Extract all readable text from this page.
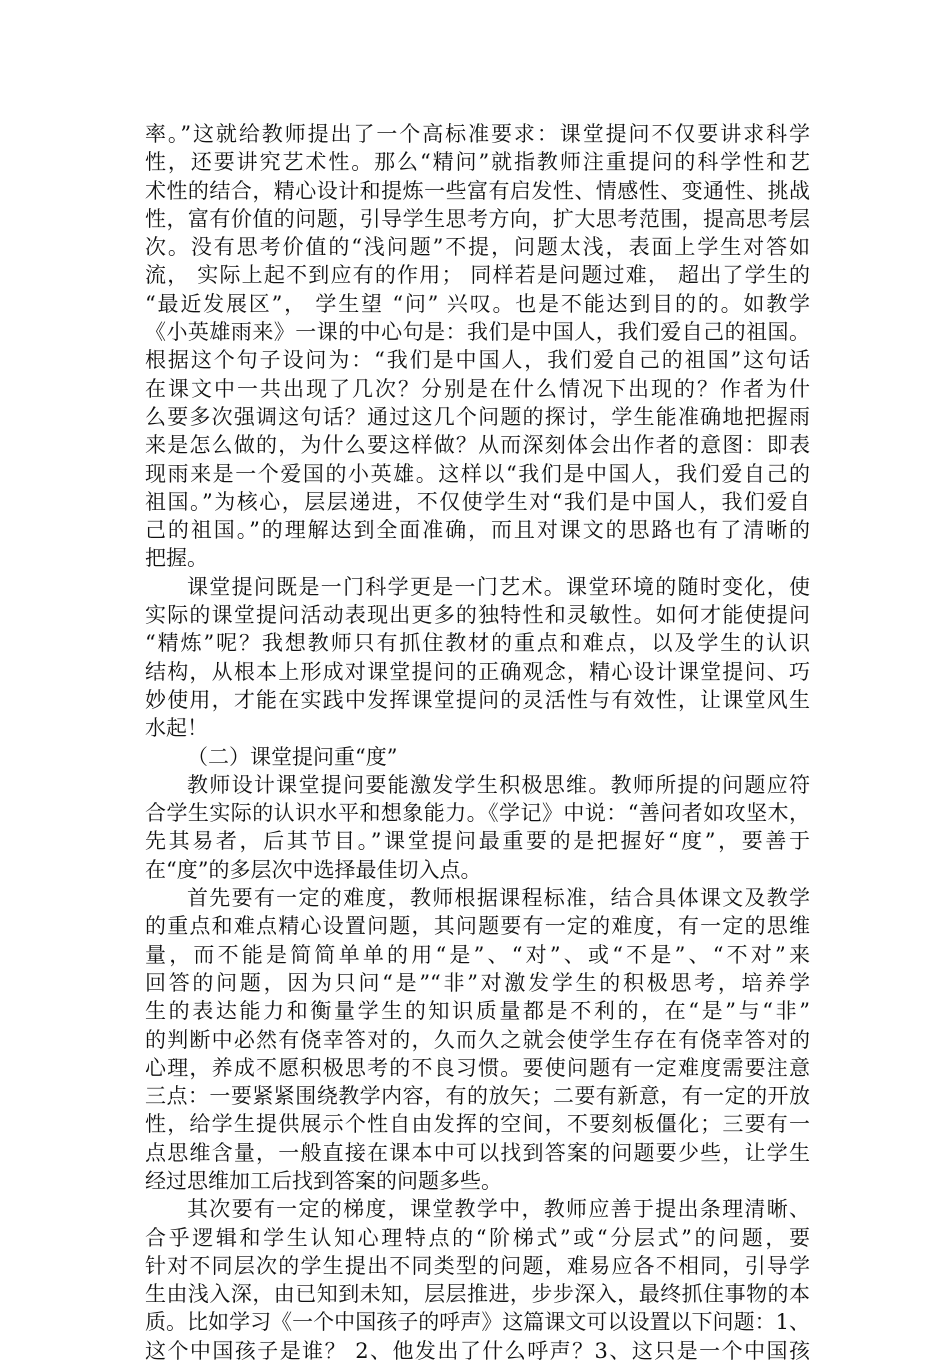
率。”这就给教师提出了一个高标准要求：课堂提问不仅要讲求科学
性，还要讲究艺术性。那么“精问”就指教师注重提问的科学性和艺
术性的结合，精心设计和提炼一些富有启发性、情感性、变通性、挑战
性，富有价值的问题，引导学生思考方向，扩大思考范围，提高思考层
次。没有思考价值的“浅问题”不提，问题太浅，表面上学生对答如
流， 实际上起不到应有的作用； 同样若是问题过难， 超出了学生的
“最近发展区”， 学生望 “问” 兴叹。也是不能达到目的的。如教学
《小英雄雨来》一课的中心句是：我们是中国人，我们爱自己的祖国。
根据这个句子设问为：“我们是中国人，我们爱自己的祖国”这句话
在课文中一共出现了几次？分别是在什么情况下出现的？作者为什
么要多次强调这句话？通过这几个问题的探讨，学生能准确地把握雨
来是怎么做的，为什么要这样做？从而深刻体会出作者的意图：即表
现雨来是一个爱国的小英雄。这样以“我们是中国人，我们爱自己的
祖国。”为核心，层层递进，不仅使学生对“我们是中国人，我们爱自
己的祖国。”的理解达到全面准确，而且对课文的思路也有了清晰的
把握。
课堂提问既是一门科学更是一门艺术。课堂环境的随时变化，使
实际的课堂提问活动表现出更多的独特性和灵敏性。如何才能使提问
“精炼”呢？我想教师只有抓住教材的重点和难点，以及学生的认识
结构，从根本上形成对课堂提问的正确观念，精心设计课堂提问、巧
妙使用，才能在实践中发挥课堂提问的灵活性与有效性，让课堂风生
水起！
（二）课堂提问重“度”
教师设计课堂提问要能激发学生积极思维。教师所提的问题应符
合学生实际的认识水平和想象能力。《学记》中说：“善问者如攻坚木，
先其易者，后其节目。”课堂提问最重要的是把握好“度”，要善于
在“度”的多层次中选择最佳切入点。
首先要有一定的难度，教师根据课程标准，结合具体课文及教学
的重点和难点精心设置问题，其问题要有一定的难度，有一定的思维
量，而不能是简简单单的用“是”、“对”、或“不是”、“不对”来
回答的问题，因为只问“是”“非”对激发学生的积极思考，培养学
生的表达能力和衡量学生的知识质量都是不利的，在“是”与“非”
的判断中必然有侥幸答对的，久而久之就会使学生存在有侥幸答对的
心理，养成不愿积极思考的不良习惯。要使问题有一定难度需要注意
三点：一要紧紧围绕教学内容，有的放矢；二要有新意，有一定的开放
性，给学生提供展示个性自由发挥的空间，不要刻板僵化；三要有一
点思维含量，一般直接在课本中可以找到答案的问题要少些，让学生
经过思维加工后找到答案的问题多些。
其次要有一定的梯度，课堂教学中，教师应善于提出条理清晰、
合乎逻辑和学生认知心理特点的“阶梯式”或“分层式”的问题，要
针对不同层次的学生提出不同类型的问题，难易应各不相同，引导学
生由浅入深，由已知到未知，层层推进，步步深入，最终抓住事物的本
质。比如学习《一个中国孩子的呼声》这篇课文可以设置以下问题：1、
这个中国孩子是谁？ 2、他发出了什么呼声？3、这只是一个中国孩
